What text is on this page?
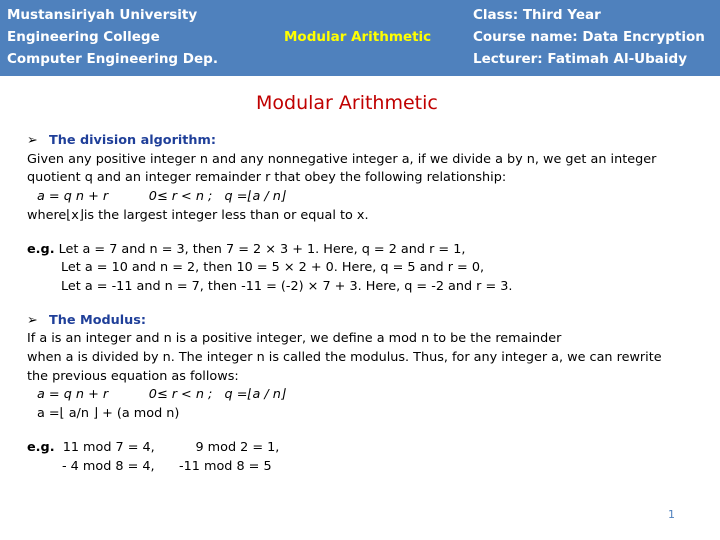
Mustansiriyah University
Engineering College
Computer Engineering Dep.
Modular Arithmetic
Class: Third Year
Course name: Data Encryption
Lecturer: Fatimah Al-Ubaidy
Modular Arithmetic
➢ The division algorithm:
Given any positive integer n and any nonnegative integer a, if we divide a by n, we get an integer
quotient q and an integer remainder r that obey the following relationship:
a = q n + r          0≤ r < n ;   q =⌊a / n⌋
where⌊x⌋is the largest integer less than or equal to x.
e.g. Let a = 7 and n = 3, then 7 = 2 × 3 + 1. Here, q = 2 and r = 1,
Let a = 10 and n = 2, then 10 = 5 × 2 + 0. Here, q = 5 and r = 0,
Let a = -11 and n = 7, then -11 = (-2) × 7 + 3. Here, q = -2 and r = 3.
➢ The Modulus:
If a is an integer and n is a positive integer, we define a mod n to be the remainder
when a is divided by n. The integer n is called the modulus. Thus, for any integer a, we can rewrite
the previous equation as follows:
a = q n + r          0≤ r < n ;   q =⌊a / n⌋
a =⌊ a/n ⌋ + (a mod n)
e.g. 11 mod 7 = 4,	9 mod 2 = 1,
- 4 mod 8 = 4, -11 mod 8 = 5
1
